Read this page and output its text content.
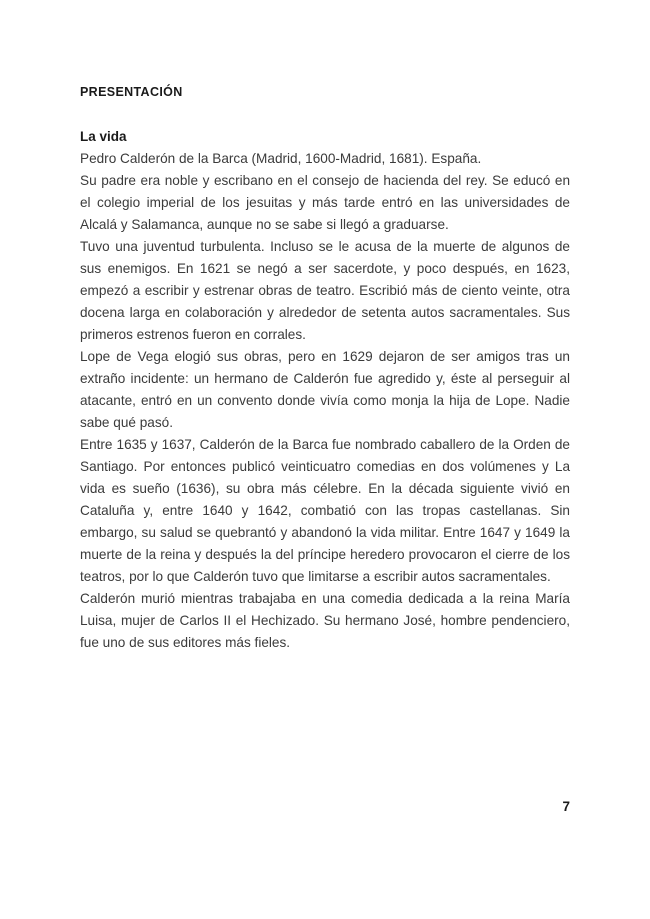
PRESENTACIÓN
La vida

Pedro Calderón de la Barca (Madrid, 1600-Madrid, 1681). España.

Su padre era noble y escribano en el consejo de hacienda del rey. Se educó en el colegio imperial de los jesuitas y más tarde entró en las universidades de Alcalá y Salamanca, aunque no se sabe si llegó a graduarse.

Tuvo una juventud turbulenta. Incluso se le acusa de la muerte de algunos de sus enemigos. En 1621 se negó a ser sacerdote, y poco después, en 1623, empezó a escribir y estrenar obras de teatro. Escribió más de ciento veinte, otra docena larga en colaboración y alrededor de setenta autos sacramentales. Sus primeros estrenos fueron en corrales.

Lope de Vega elogió sus obras, pero en 1629 dejaron de ser amigos tras un extraño incidente: un hermano de Calderón fue agredido y, éste al perseguir al atacante, entró en un convento donde vivía como monja la hija de Lope. Nadie sabe qué pasó.

Entre 1635 y 1637, Calderón de la Barca fue nombrado caballero de la Orden de Santiago. Por entonces publicó veinticuatro comedias en dos volúmenes y La vida es sueño (1636), su obra más célebre. En la década siguiente vivió en Cataluña y, entre 1640 y 1642, combatió con las tropas castellanas. Sin embargo, su salud se quebrantó y abandonó la vida militar. Entre 1647 y 1649 la muerte de la reina y después la del príncipe heredero provocaron el cierre de los teatros, por lo que Calderón tuvo que limitarse a escribir autos sacramentales.

Calderón murió mientras trabajaba en una comedia dedicada a la reina María Luisa, mujer de Carlos II el Hechizado. Su hermano José, hombre pendenciero, fue uno de sus editores más fieles.

7
